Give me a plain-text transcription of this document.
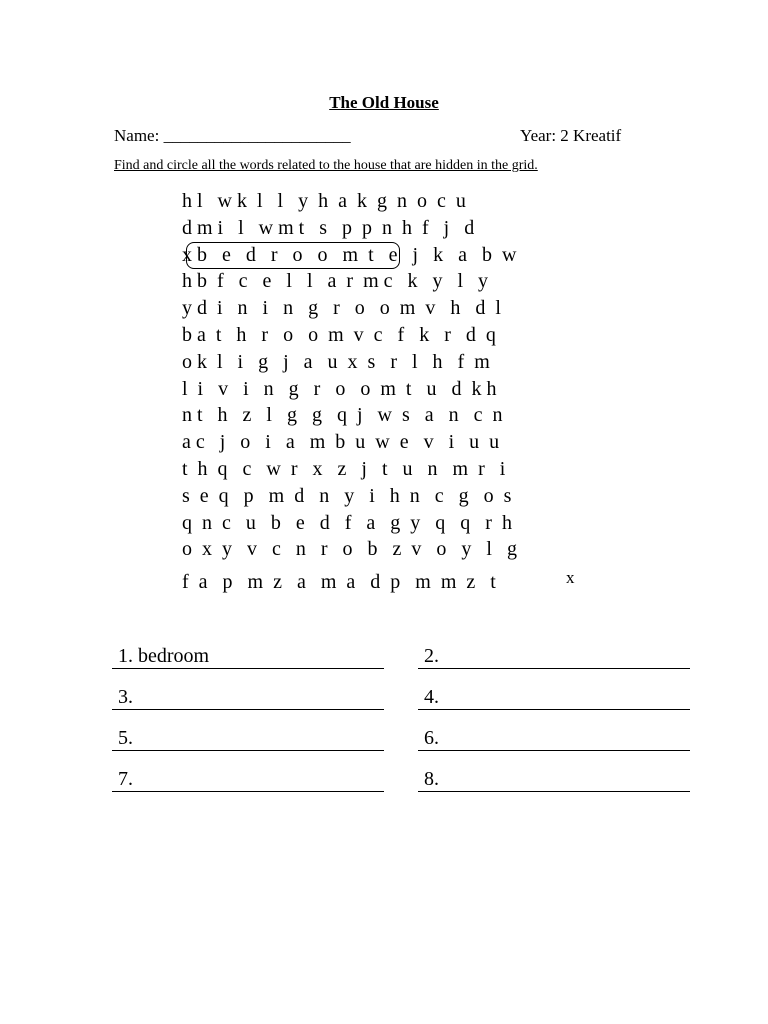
The Old House
Name: ______________________	Year: 2 Kreatif
Find and circle all the words related to the house that are hidden in the grid.
h l   w k  l   l   y  h  a  k  g  n  o  c  u
d m i   l   w m t   s   p  p  n  h  f   j   d
x b   e   d   r   o   o   m  t   e   j   k   a   b  w
h b  f   c   e   l   l   a  r  m c   k   y   l   y
y d  i   n   i   n   g   r   o   o  m  v   h   d  l
b a  t   h   r   o   o  m  v  c   f   k   r   d  q
o k  l   i   g   j   a   u  x  s   r   l   h   f  m
l  i   v   i   n   g   r   o   o  m  t   u   d  k h
n t   h   z   l   g   g   q  j   w  s   a   n   c  n
a c   j   o   i   a   m  b  u  w  e   v   i   u  u
t  h  q   c   w  r   x   z   j   t   u   n   m  r   i
s  e  q   p   m  d   n   y   i   h  n   c   g   o  s
q  n  c   u   b   e   d   f   a   g  y   q   q   r  h
o  x  y   v   c   n   r   o   b   z  v   o   y   l   g
x
f  a   p   m  z   a   m  a   d  p   m  m  z   t
1. bedroom	2.
3.	4.
5.	6.
7.	8.
